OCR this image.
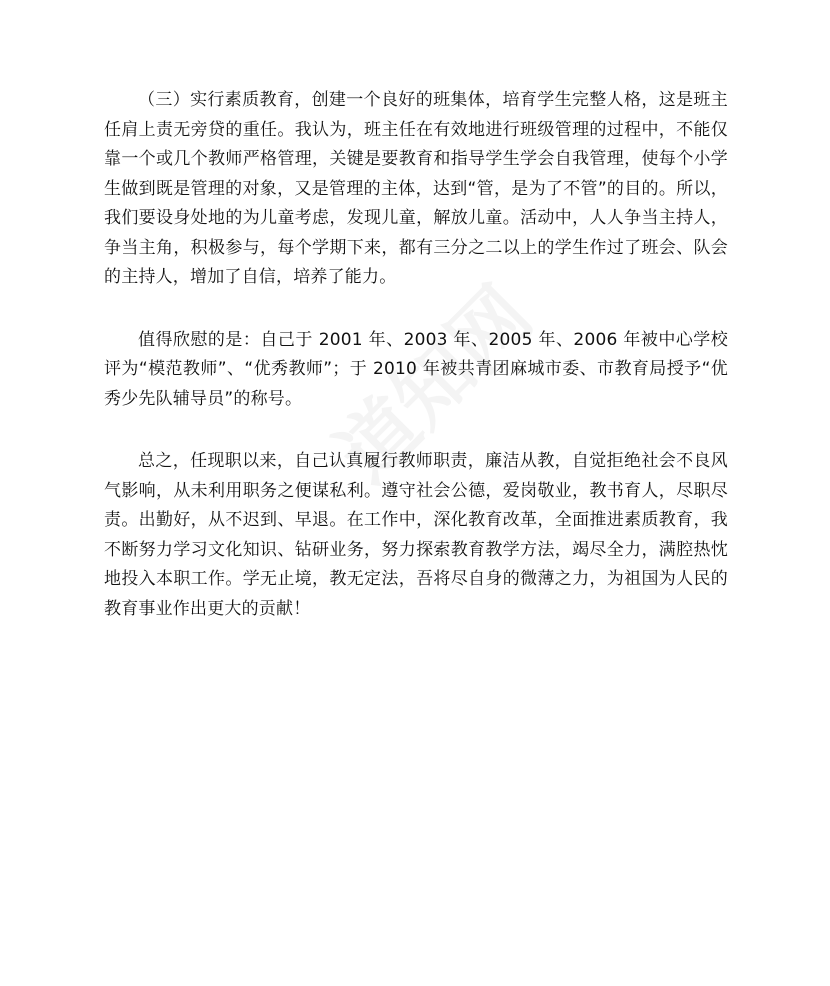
（三）实行素质教育，创建一个良好的班集体，培育学生完整人格，这是班主任肩上责无旁贷的重任。我认为，班主任在有效地进行班级管理的过程中，不能仅靠一个或几个教师严格管理，关键是要教育和指导学生学会自我管理，使每个小学生做到既是管理的对象，又是管理的主体，达到“管，是为了不管”的目的。所以，我们要设身处地的为儿童考虑，发现儿童，解放儿童。活动中，人人争当主持人，争当主角，积极参与，每个学期下来，都有三分之二以上的学生作过了班会、队会的主持人，增加了自信，培养了能力。

值得欣慰的是：自己于 2001 年、2003 年、2005 年、2006 年被中心学校评为“模范教师”、“优秀教师”；于 2010 年被共青团麻城市委、市教育局授予“优秀少先队辅导员”的称号。

总之，任现职以来，自己认真履行教师职责，廉洁从教，自觉拒绝社会不良风气影响，从未利用职务之便谋私利。遵守社会公德，爱岗敬业，教书育人，尽职尽责。出勤好，从不迟到、早退。在工作中，深化教育改革，全面推进素质教育，我不断努力学习文化知识、钻研业务，努力探索教育教学方法，竭尽全力，满腔热忱地投入本职工作。学无止境，教无定法，吾将尽自身的微薄之力，为祖国为人民的教育事业作出更大的贡献！
